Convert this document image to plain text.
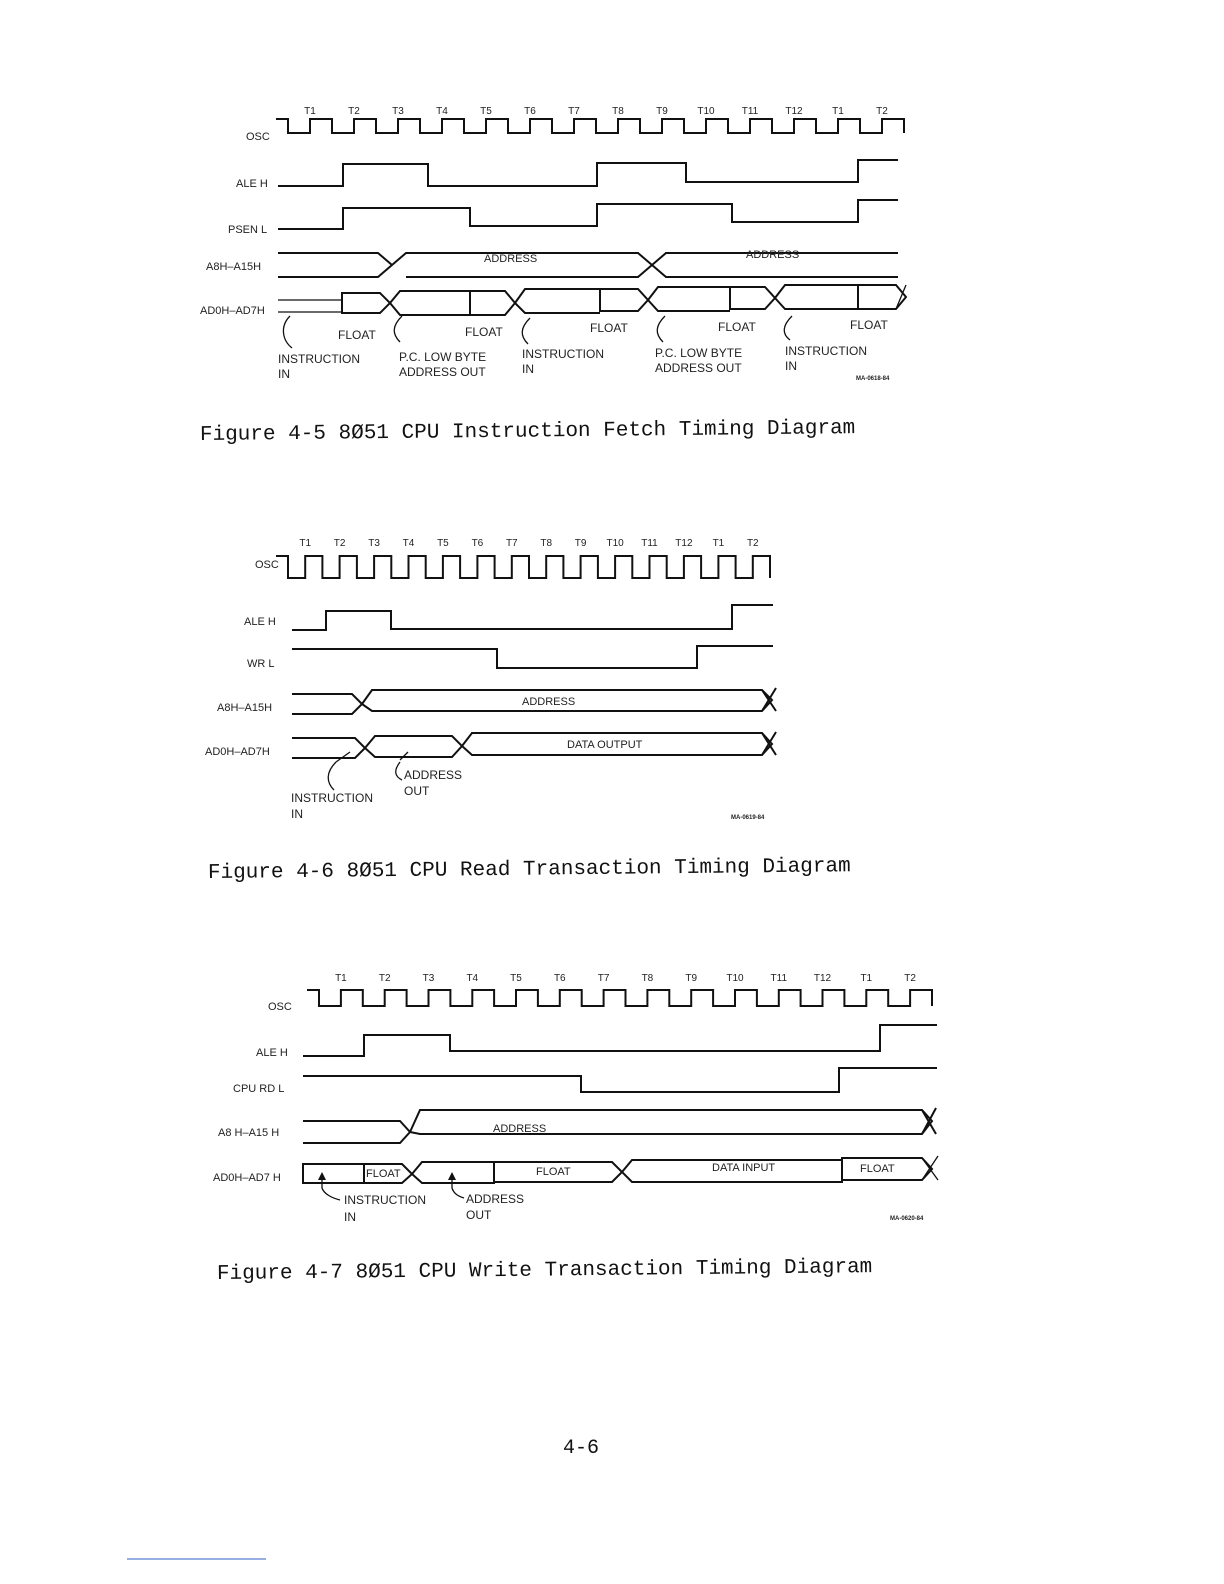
T1	T2	T3	T4	T5	T6	T7	T8	T9	T10	T11	T12	T1	T2
OSC
ALE H
PSEN L
A8H–A15H
ADDRESS	ADDRESS
AD0H–AD7H
FLOAT	FLOAT	FLOAT	FLOAT	FLOAT
INSTRUCTION
IN
P.C. LOW BYTE
ADDRESS OUT
INSTRUCTION
IN
P.C. LOW BYTE
ADDRESS OUT
INSTRUCTION
IN
MA-0618-84
Figure 4-5 8Ø51 CPU Instruction Fetch Timing Diagram
T1 T2 T3 T4 T5 T6 T7 T8 T9 T10 T11 T12 T1 T2
OSC
ALE H
WR L
A8H–A15H	ADDRESS
AD0H–AD7H
DATA OUTPUT
ADDRESS
OUT
INSTRUCTION
IN	MA-0619-84
Figure 4-6 8Ø51 CPU Read Transaction Timing Diagram
T1	T2	T3	T4	T5	T6	T7	T8	T9	T10	T11	T12	T1	T2
OSC
ALE H
CPU RD L
A8 H–A15 H	ADDRESS
AD0H–AD7 H	FLOAT	FLOAT	FLOAT
DATA INPUT
INSTRUCTION
IN
ADDRESS
OUT	MA-0620-84
Figure 4-7 8Ø51 CPU Write Transaction Timing Diagram
4-6
